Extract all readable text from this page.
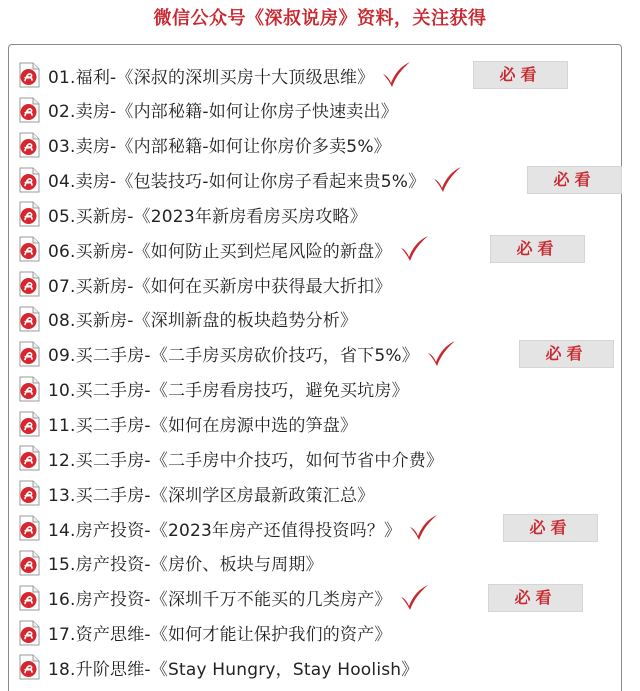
微信公众号《深叔说房》资料，关注获得
01.福利-《深叔的深圳买房十大顶级思维》	必看
02.卖房-《内部秘籍-如何让你房子快速卖出》
03.卖房-《内部秘籍-如何让你房价多卖5%》
04.卖房-《包装技巧-如何让你房子看起来贵5%》	必看
05.买新房-《2023年新房看房买房攻略》
06.买新房-《如何防止买到烂尾风险的新盘》	必看
07.买新房-《如何在买新房中获得最大折扣》
08.买新房-《深圳新盘的板块趋势分析》
09.买二手房-《二手房买房砍价技巧，省下5%》	必看
10.买二手房-《二手房看房技巧，避免买坑房》
11.买二手房-《如何在房源中选的笋盘》
12.买二手房-《二手房中介技巧，如何节省中介费》
13.买二手房-《深圳学区房最新政策汇总》
14.房产投资-《2023年房产还值得投资吗？》	必看
15.房产投资-《房价、板块与周期》
16.房产投资-《深圳千万不能买的几类房产》	必看
17.资产思维-《如何才能让保护我们的资产》
18.升阶思维-《Stay Hungry，Stay Hoolish》
